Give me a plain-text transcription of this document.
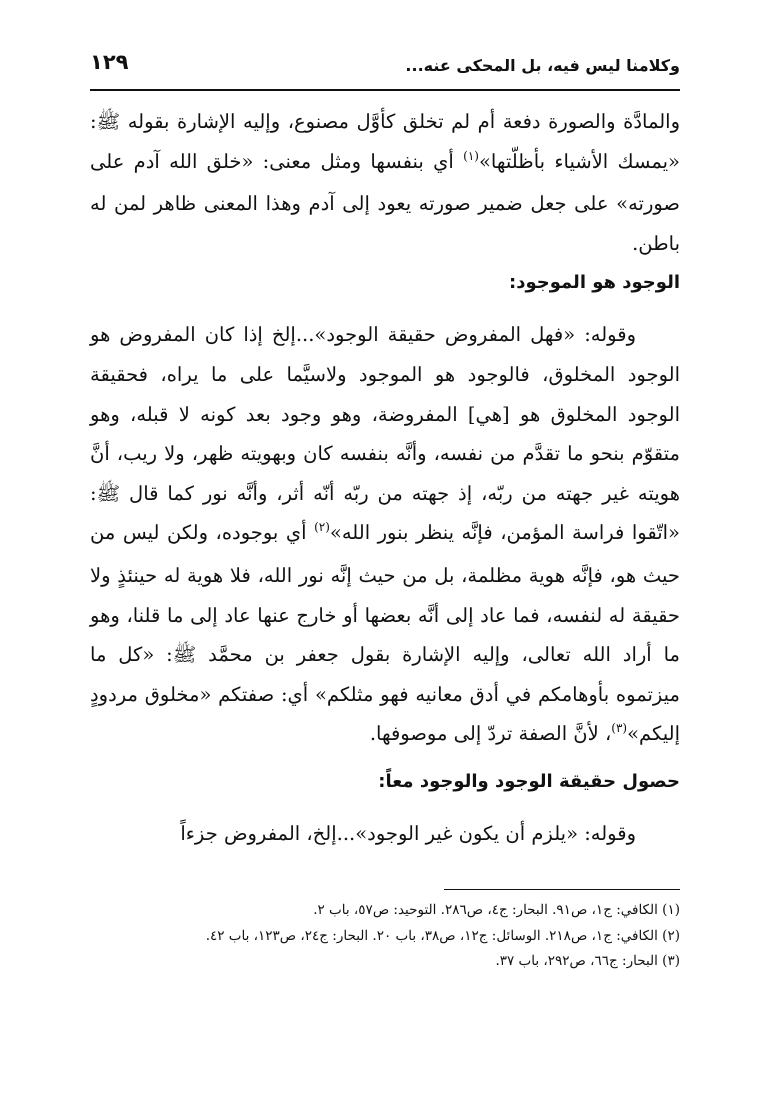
وكلامنا ليس فيه، بل المحكى عنه...
١٢٩

والمادَّة والصورة دفعة أم لم تخلق كأوَّل مصنوع، وإليه الإشارة بقوله ﷺ: «يمسك الأشياء بأظلّتها»$^{(١)}$ أي بنفسها ومثل معنى: «خلق الله آدم على صورته» على جعل ضمير صورته يعود إلى آدم وهذا المعنى ظاهر لمن له باطن.

الوجود هو الموجود:

وقوله: «فهل المفروض حقيقة الوجود»...إلخ إذا كان المفروض هو الوجود المخلوق، فالوجود هو الموجود ولاسيَّما على ما يراه، فحقيقة الوجود المخلوق هو [هي] المفروضة، وهو وجود بعد كونه لا قبله، وهو متقوّم بنحو ما تقدَّم من نفسه، وأنَّه بنفسه كان وبهويته ظهر، ولا ريب، أنَّ هويته غير جهته من ربّه، إذ جهته من ربّه أنّه أثر، وأنَّه نور كما قال ﷺ: «اتّقوا فراسة المؤمن، فإنَّه ينظر بنور الله»$^{(٢)}$ أي بوجوده، ولكن ليس من حيث هو، فإنَّه هوية مظلمة، بل من حيث إنَّه نور الله، فلا هوية له حينئذٍ ولا حقيقة له لنفسه، فما عاد إلى أنَّه بعضها أو خارج عنها عاد إلى ما قلنا، وهو ما أراد الله تعالى، وإليه الإشارة بقول جعفر بن محمَّد ﷺ: «كل ما ميزتموه بأوهامكم في أدق معانيه فهو مثلكم» أي: صفتكم «مخلوق مردودٍ إليكم»$^{(٣)}$، لأنَّ الصفة تردّ إلى موصوفها.

حصول حقيقة الوجود والوجود معاً:

وقوله: «يلزم أن يكون غير الوجود»...إلخ، المفروض جزءاً

(١) الكافي: ج١، ص٩١. البحار: ج٤، ص٢٨٦. التوحيد: ص٥٧، باب ٢.

(٢) الكافي: ج١، ص٢١٨. الوسائل: ج١٢، ص٣٨، باب ٢٠. البحار: ج٢٤، ص١٢٣، باب ٤٢.

(٣) البحار: ج٦٦، ص٢٩٢، باب ٣٧.
